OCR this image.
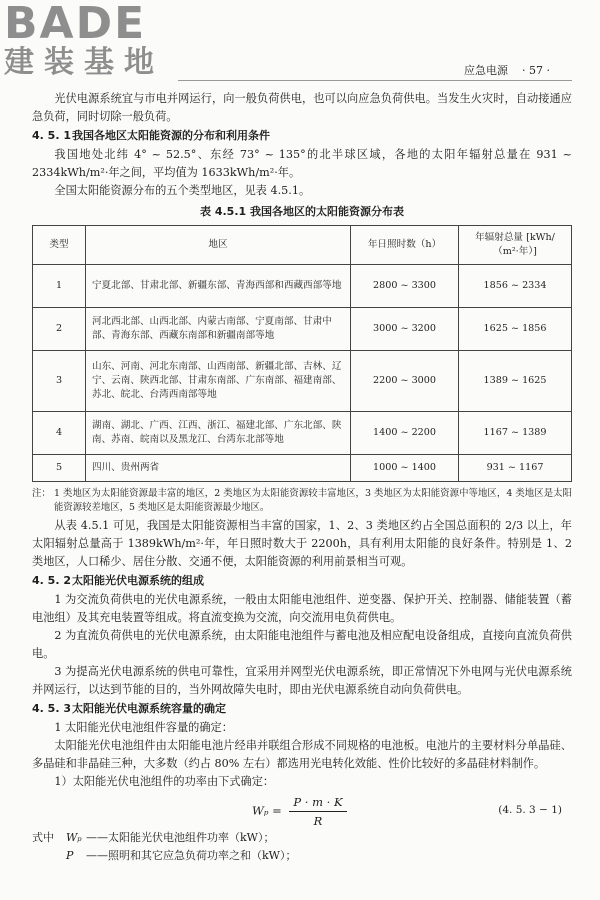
BADE
建装基地	应急电源 · 57 ·

光伏电源系统宜与市电并网运行，向一般负荷供电，也可以向应急负荷供电。当发生火灾时，自动接通应急负荷，同时切除一般负荷。

4. 5. 1我国各地区太阳能资源的分布和利用条件

我国地处北纬 4° ~ 52.5°、东经 73° ~ 135°的北半球区域，各地的太阳年辐射总量在 931 ~ 2334kWh/m²·年之间，平均值为 1633kWh/m²·年。

全国太阳能资源分布的五个类型地区，见表 4.5.1。

表 4.5.1 我国各地区的太阳能资源分布表
类型	地区	年日照时数（h）	年辐射总量 [kWh/（m²·年）]
1	宁夏北部、甘肃北部、新疆东部、青海西部和西藏西部等地	2800 ~ 3300	1856 ~ 2334
2	河北西北部、山西北部、内蒙古南部、宁夏南部、甘肃中部、青海东部、西藏东南部和新疆南部等地	3000 ~ 3200	1625 ~ 1856
3	山东、河南、河北东南部、山西南部、新疆北部、吉林、辽宁、云南、陕西北部、甘肃东南部、广东南部、福建南部、苏北、皖北、台湾西南部等地	2200 ~ 3000	1389 ~ 1625
4	湖南、湖北、广西、江西、浙江、福建北部、广东北部、陕南、苏南、皖南以及黑龙江、台湾东北部等地	1400 ~ 2200	1167 ~ 1389
5	四川、贵州两省	1000 ~ 1400	931 ~ 1167

注： 1 类地区为太阳能资源最丰富的地区，2 类地区为太阳能资源较丰富地区，3 类地区为太阳能资源中等地区，4 类地区是太阳能资源较差地区，5 类地区是太阳能资源最少地区。

从表 4.5.1 可见，我国是太阳能资源相当丰富的国家，1、2、3 类地区约占全国总面积的 2/3 以上，年太阳辐射总量高于 1389kWh/m²·年，年日照时数大于 2200h，具有利用太阳能的良好条件。特别是 1、2 类地区，人口稀少、居住分散、交通不便，太阳能资源的利用前景相当可观。

4. 5. 2太阳能光伏电源系统的组成

1 为交流负荷供电的光伏电源系统，一般由太阳能电池组件、逆变器、保护开关、控制器、储能装置（蓄电池组）及其充电装置等组成。将直流变换为交流，向交流用电负荷供电。

2 为直流负荷供电的光伏电源系统，由太阳能电池组件与蓄电池及相应配电设备组成，直接向直流负荷供电。

3 为提高光伏电源系统的供电可靠性，宜采用并网型光伏电源系统，即正常情况下外电网与光伏电源系统并网运行，以达到节能的目的，当外网故障失电时，即由光伏电源系统自动向负荷供电。

4. 5. 3太阳能光伏电源系统容量的确定

1 太阳能光伏电池组件容量的确定：

太阳能光伏电池组件由太阳能电池片经串并联组合形成不同规格的电池板。电池片的主要材料分单晶硅、多晶硅和非晶硅三种，大多数（约占 80% 左右）都选用光电转化效能、性价比较好的多晶硅材料制作。

1）太阳能光伏电池组件的功率由下式确定：

$W_p = \frac{P \cdot m \cdot K}{R}$	(4. 5. 3 − 1)
式中 Wₚ ——太阳能光伏电池组件功率（kW）；
P ——照明和其它应急负荷功率之和（kW）；
